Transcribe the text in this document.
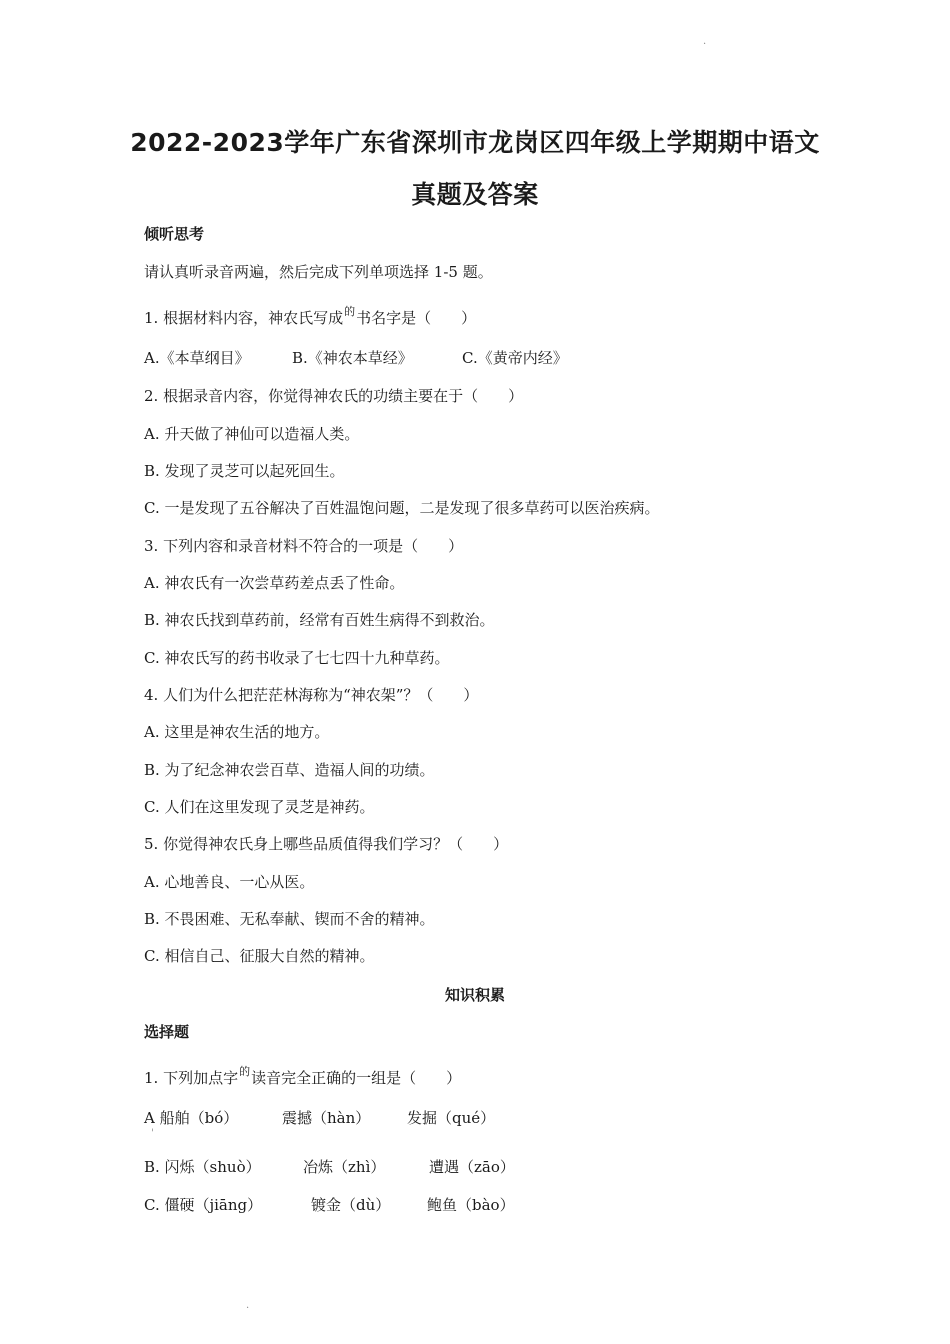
.
2022-2023学年广东省深圳市龙岗区四年级上学期期中语文
真题及答案
倾听思考
请认真听录音两遍，然后完成下列单项选择 1-5 题。
1. 根据材料内容，神农氏写成$^的$书名字是（　　）
A.《本草纲目》	B.《神农本草经》	C.《黄帝内经》
2. 根据录音内容，你觉得神农氏的功绩主要在于（　　）
A. 升天做了神仙可以造福人类。
B. 发现了灵芝可以起死回生。
C. 一是发现了五谷解决了百姓温饱问题，二是发现了很多草药可以医治疾病。
3. 下列内容和录音材料不符合的一项是（　　）
A. 神农氏有一次尝草药差点丢了性命。
B. 神农氏找到草药前，经常有百姓生病得不到救治。
C. 神农氏写的药书收录了七七四十九种草药。
4. 人们为什么把茫茫林海称为“神农架”？（　　）
A. 这里是神农生活的地方。
B. 为了纪念神农尝百草、造福人间的功绩。
C. 人们在这里发现了灵芝是神药。
5. 你觉得神农氏身上哪些品质值得我们学习？（　　）
A. 心地善良、一心从医。
B. 不畏困难、无私奉献、锲而不舍的精神。
C. 相信自己、征服大自然的精神。
知识积累
选择题
1. 下列加点字$^的$读音完全正确的一组是（　　）
A 船舶（bó）	震撼（hàn） 发掘（qué）
'
B. 闪烁（shuò）	冶炼（zhì）	遭遇（zāo）
C. 僵硬（jiāng）	镀金（dù） 鲍鱼（bào）
.
